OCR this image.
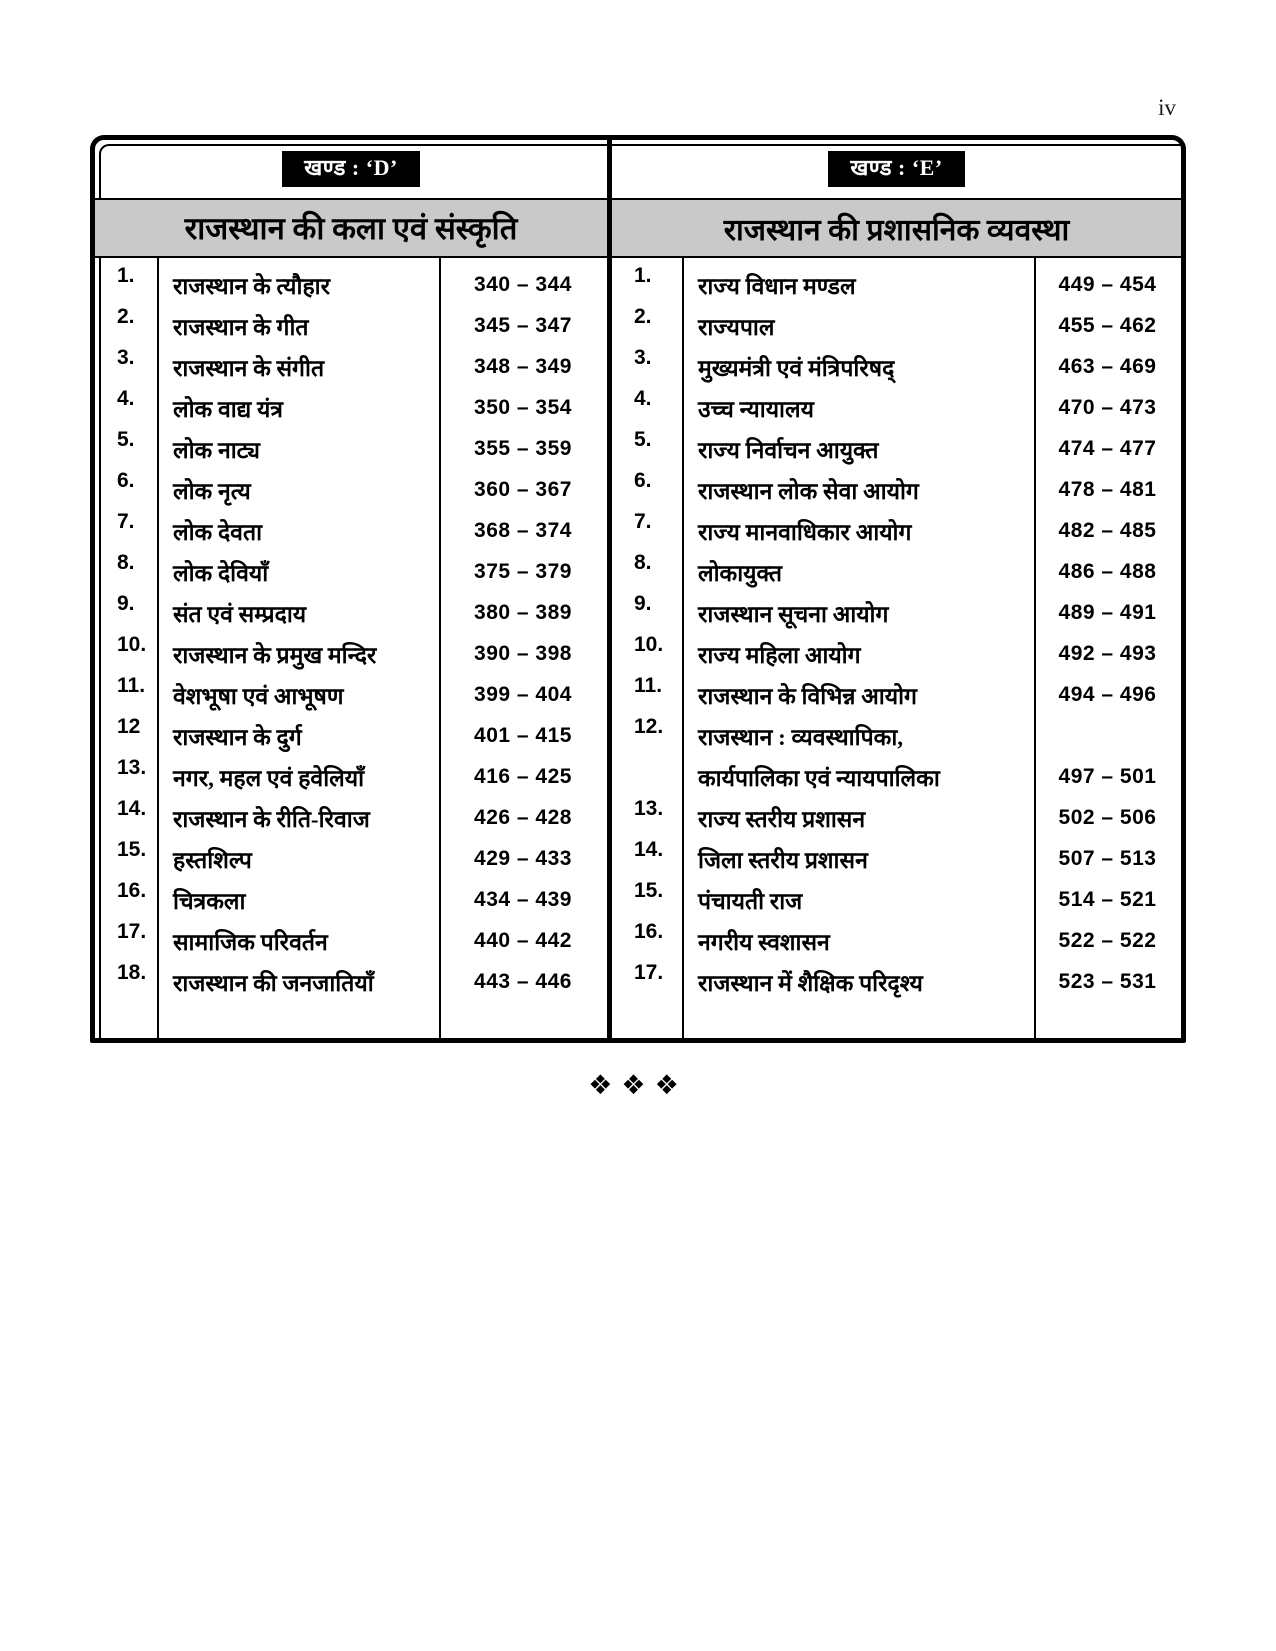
iv
खण्ड : ‘D’
राजस्थान की कला एवं संस्कृति
1.	राजस्थान के त्यौहार	340 – 344
2.	राजस्थान के गीत	345 – 347
3.	राजस्थान के संगीत	348 – 349
4.	लोक वाद्य यंत्र	350 – 354
5.	लोक नाट्य	355 – 359
6.	लोक नृत्य	360 – 367
7.	लोक देवता	368 – 374
8.	लोक देवियाँ	375 – 379
9.	संत एवं सम्प्रदाय	380 – 389
10.	राजस्थान के प्रमुख मन्दिर	390 – 398
11.	वेशभूषा एवं आभूषण	399 – 404
12	राजस्थान के दुर्ग	401 – 415
13.	नगर, महल एवं हवेलियाँ	416 – 425
14.	राजस्थान के रीति-रिवाज	426 – 428
15.	हस्तशिल्प	429 – 433
16.	चित्रकला	434 – 439
17.	सामाजिक परिवर्तन	440 – 442
18.	राजस्थान की जनजातियाँ	443 – 446
खण्ड : ‘E’
राजस्थान की प्रशासनिक व्यवस्था
1.	राज्य विधान मण्डल	449 – 454
2.	राज्यपाल	455 – 462
3.	मुख्यमंत्री एवं मंत्रिपरिषद्	463 – 469
4.	उच्च न्यायालय	470 – 473
5.	राज्य निर्वाचन आयुक्त	474 – 477
6.	राजस्थान लोक सेवा आयोग	478 – 481
7.	राज्य मानवाधिकार आयोग	482 – 485
8.	लोकायुक्त	486 – 488
9.	राजस्थान सूचना आयोग	489 – 491
10.	राज्य महिला आयोग	492 – 493
11.	राजस्थान के विभिन्न आयोग	494 – 496
12.	राजस्थान : व्यवस्थापिका,
कार्यपालिका एवं न्यायपालिका	497 – 501
13.	राज्य स्तरीय प्रशासन	502 – 506
14.	जिला स्तरीय प्रशासन	507 – 513
15.	पंचायती राज	514 – 521
16.	नगरीय स्वशासन	522 – 522
17.	राजस्थान में शैक्षिक परिदृश्य	523 – 531
❖❖❖
